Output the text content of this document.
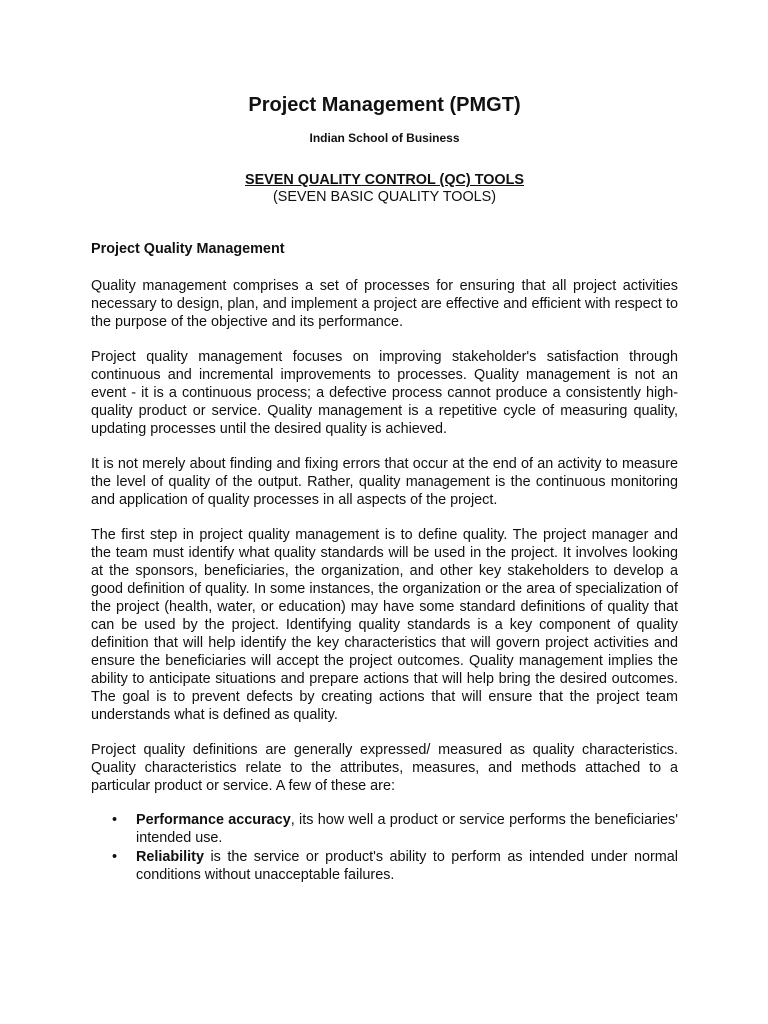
Project Management (PMGT)

Indian School of Business

SEVEN QUALITY CONTROL (QC) TOOLS

(SEVEN BASIC QUALITY TOOLS)

Project Quality Management

Quality management comprises a set of processes for ensuring that all project activities necessary to design, plan, and implement a project are effective and efficient with respect to the purpose of the objective and its performance.

Project quality management focuses on improving stakeholder's satisfaction through continuous and incremental improvements to processes. Quality management is not an event - it is a continuous process; a defective process cannot produce a consistently high-quality product or service. Quality management is a repetitive cycle of measuring quality, updating processes until the desired quality is achieved.

It is not merely about finding and fixing errors that occur at the end of an activity to measure the level of quality of the output. Rather, quality management is the continuous monitoring and application of quality processes in all aspects of the project.

The first step in project quality management is to define quality. The project manager and the team must identify what quality standards will be used in the project. It involves looking at the sponsors, beneficiaries, the organization, and other key stakeholders to develop a good definition of quality. In some instances, the organization or the area of specialization of the project (health, water, or education) may have some standard definitions of quality that can be used by the project. Identifying quality standards is a key component of quality definition that will help identify the key characteristics that will govern project activities and ensure the beneficiaries will accept the project outcomes. Quality management implies the ability to anticipate situations and prepare actions that will help bring the desired outcomes. The goal is to prevent defects by creating actions that will ensure that the project team understands what is defined as quality.

Project quality definitions are generally expressed/ measured as quality characteristics. Quality characteristics relate to the attributes, measures, and methods attached to a particular product or service. A few of these are:

• Performance accuracy, its how well a product or service performs the beneficiaries' intended use.
• Reliability is the service or product's ability to perform as intended under normal conditions without unacceptable failures.
